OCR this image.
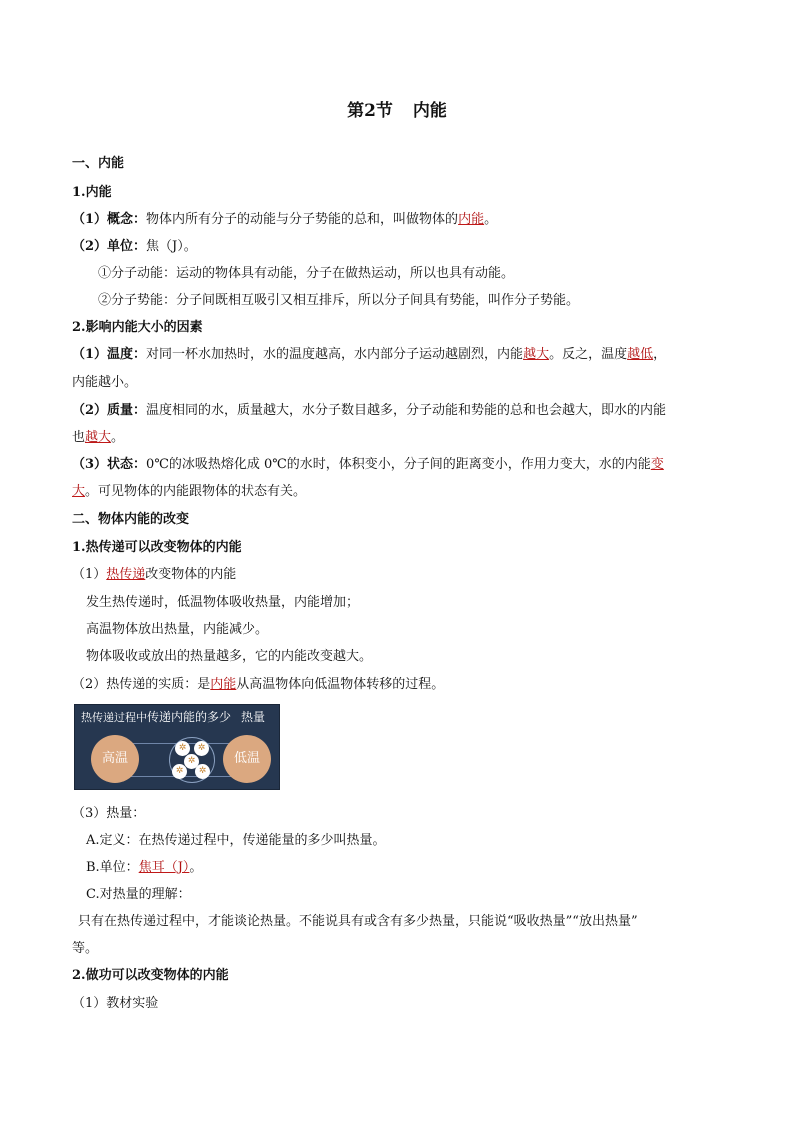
第2节 内能
一、内能
1.内能
（1）概念：物体内所有分子的动能与分子势能的总和，叫做物体的内能。
（2）单位：焦（J）。
①分子动能：运动的物体具有动能，分子在做热运动，所以也具有动能。
②分子势能：分子间既相互吸引又相互排斥，所以分子间具有势能，叫作分子势能。
2.影响内能大小的因素
（1）温度：对同一杯水加热时，水的温度越高，水内部分子运动越剧烈，内能越大。反之，温度越低，
内能越小。
（2）质量：温度相同的水，质量越大，水分子数目越多，分子动能和势能的总和也会越大，即水的内能
也越大。
（3）状态：0℃的冰吸热熔化成 0℃的水时，体积变小，分子间的距离变小，作用力变大，水的内能变
大。可见物体的内能跟物体的状态有关。
二、物体内能的改变
1.热传递可以改变物体的内能
（1）热传递改变物体的内能
发生热传递时，低温物体吸收热量，内能增加；
高温物体放出热量，内能减少。
物体吸收或放出的热量越多，它的内能改变越大。
（2）热传递的实质：是内能从高温物体向低温物体转移的过程。
热传递过程中传递内能的多少 热量
高温
✲	✲
✲
✲	✲
低温
（3）热量：
A.定义：在热传递过程中，传递能量的多少叫热量。
B.单位：焦耳（J）。
C.对热量的理解：
只有在热传递过程中，才能谈论热量。不能说具有或含有多少热量，只能说“吸收热量”“放出热量”
等。
2.做功可以改变物体的内能
（1）教材实验
